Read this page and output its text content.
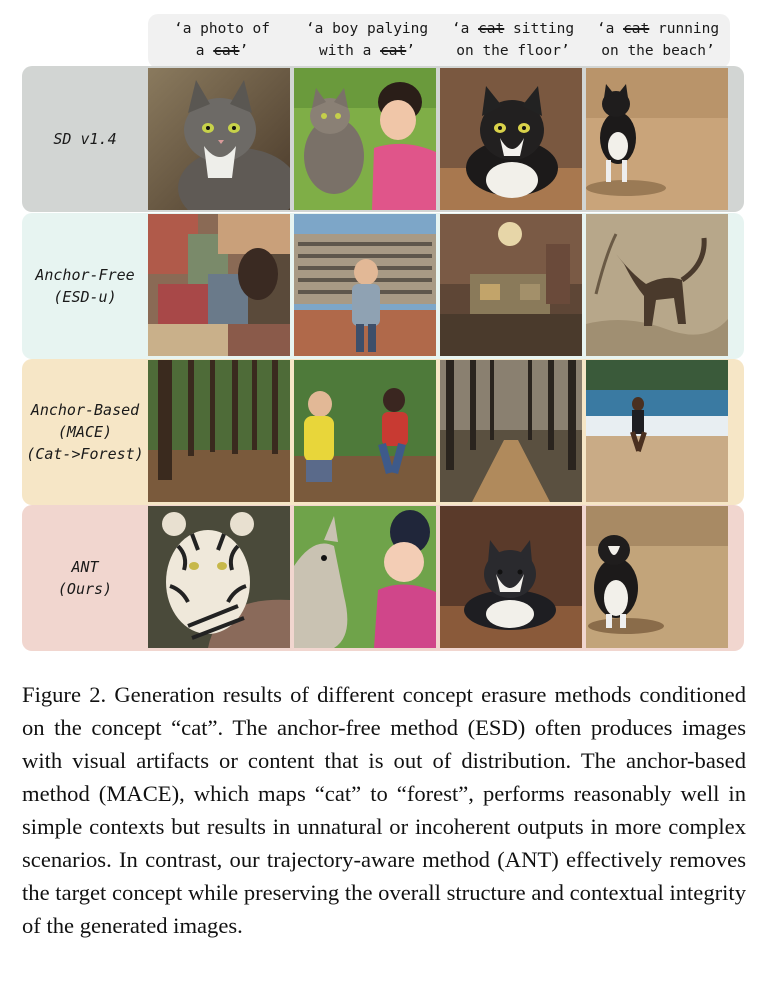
‘a photo of
a cat’
‘a boy palying
with a cat’
‘a cat sitting
on the floor’
‘a cat running
on the beach’
SD v1.4
Anchor-Free
(ESD-u)
Anchor-Based
(MACE)
(Cat->Forest)
ANT
(Ours)
Figure 2. Generation results of different concept erasure methods conditioned on the concept “cat”. The anchor-free method (ESD) often produces images with visual artifacts or content that is out of distribution. The anchor-based method (MACE), which maps “cat” to “forest”, performs reasonably well in simple contexts but results in unnatural or incoherent outputs in more complex scenarios. In contrast, our trajectory-aware method (ANT) effectively removes the target concept while preserving the overall structure and contextual integrity of the generated images.
